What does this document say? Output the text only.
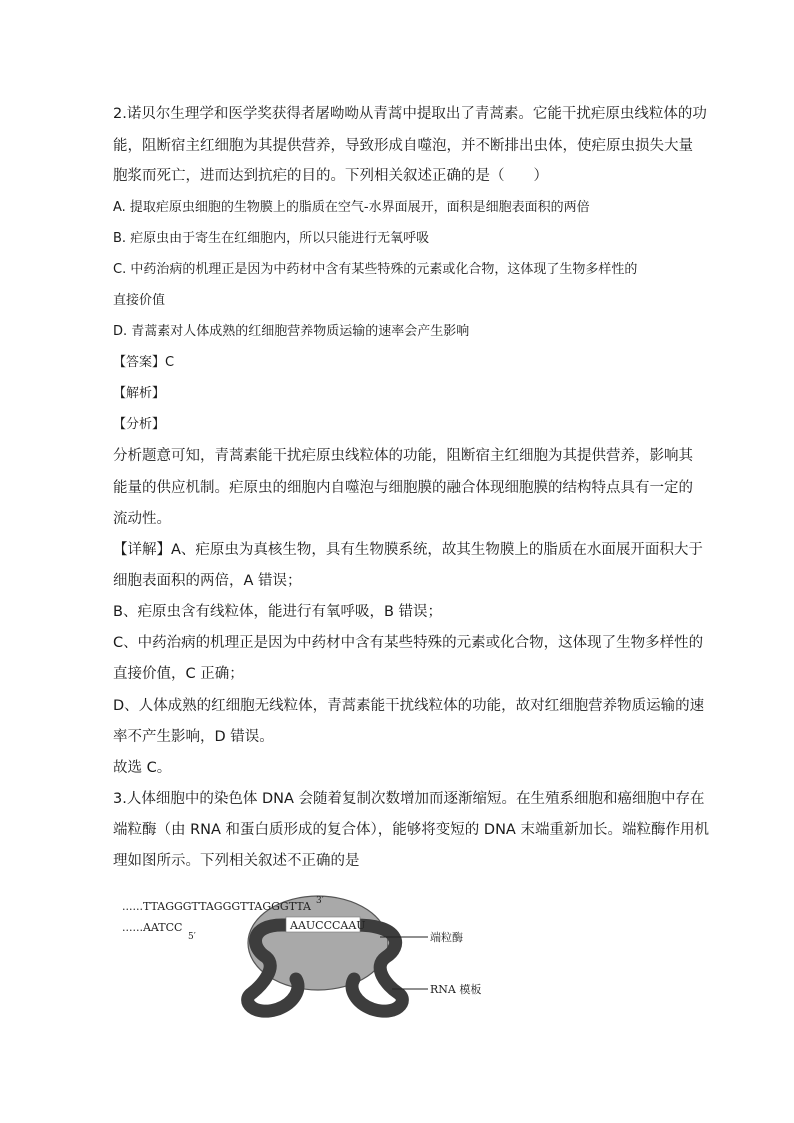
2.诺贝尔生理学和医学奖获得者屠呦呦从青蒿中提取出了青蒿素。它能干扰疟原虫线粒体的功
能，阻断宿主红细胞为其提供营养，导致形成自噬泡，并不断排出虫体，使疟原虫损失大量
胞浆而死亡，进而达到抗疟的目的。下列相关叙述正确的是（　　）
A. 提取疟原虫细胞的生物膜上的脂质在空气-水界面展开，面积是细胞表面积的两倍
B. 疟原虫由于寄生在红细胞内，所以只能进行无氧呼吸
C. 中药治病的机理正是因为中药材中含有某些特殊的元素或化合物，这体现了生物多样性的
直接价值
D. 青蒿素对人体成熟的红细胞营养物质运输的速率会产生影响
【答案】C
【解析】
【分析】
分析题意可知，青蒿素能干扰疟原虫线粒体的功能，阻断宿主红细胞为其提供营养，影响其
能量的供应机制。疟原虫的细胞内自噬泡与细胞膜的融合体现细胞膜的结构特点具有一定的
流动性。
【详解】A、疟原虫为真核生物，具有生物膜系统，故其生物膜上的脂质在水面展开面积大于
细胞表面积的两倍，A 错误；
B、疟原虫含有线粒体，能进行有氧呼吸，B 错误；
C、中药治病的机理正是因为中药材中含有某些特殊的元素或化合物，这体现了生物多样性的
直接价值，C 正确；
D、人体成熟的红细胞无线粒体，青蒿素能干扰线粒体的功能，故对红细胞营养物质运输的速
率不产生影响，D 错误。
故选 C。
3.人体细胞中的染色体 DNA 会随着复制次数增加而逐渐缩短。在生殖系细胞和癌细胞中存在
端粒酶（由 RNA 和蛋白质形成的复合体），能够将变短的 DNA 末端重新加长。端粒酶作用机
理如图所示。下列相关叙述不正确的是
AAUCCCAAU
......TTAGGGTTAGGGTTAGGGTTA 3′
......AATCC
5′	端粒酶
RNA 模板
